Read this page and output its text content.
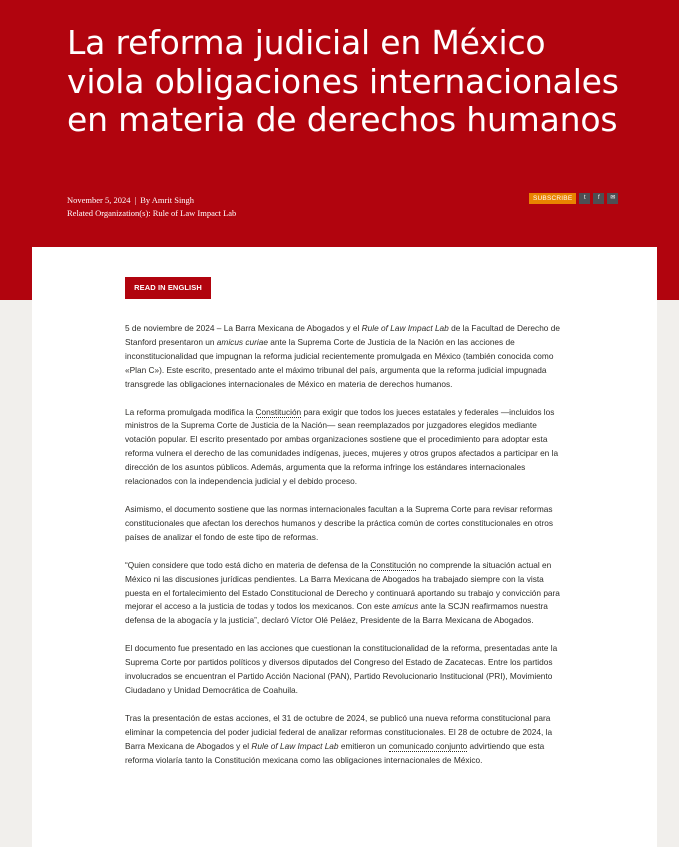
La reforma judicial en México viola obligaciones internacionales en materia de derechos humanos
November 5, 2024 | By Amrit Singh
Related Organization(s): Rule of Law Impact Lab
SUBSCRIBE	t	f	✉
READ IN ENGLISH

5 de noviembre de 2024 – La Barra Mexicana de Abogados y el Rule of Law Impact Lab de la Facultad de Derecho de Stanford presentaron un amicus curiae ante la Suprema Corte de Justicia de la Nación en las acciones de inconstitucionalidad que impugnan la reforma judicial recientemente promulgada en México (también conocida como «Plan C»). Este escrito, presentado ante el máximo tribunal del país, argumenta que la reforma judicial impugnada transgrede las obligaciones internacionales de México en materia de derechos humanos.

La reforma promulgada modifica la Constitución para exigir que todos los jueces estatales y federales —incluidos los ministros de la Suprema Corte de Justicia de la Nación— sean reemplazados por juzgadores elegidos mediante votación popular. El escrito presentado por ambas organizaciones sostiene que el procedimiento para adoptar esta reforma vulnera el derecho de las comunidades indígenas, jueces, mujeres y otros grupos afectados a participar en la dirección de los asuntos públicos. Además, argumenta que la reforma infringe los estándares internacionales relacionados con la independencia judicial y el debido proceso.

Asimismo, el documento sostiene que las normas internacionales facultan a la Suprema Corte para revisar reformas constitucionales que afectan los derechos humanos y describe la práctica común de cortes constitucionales en otros países de analizar el fondo de este tipo de reformas.

“Quien considere que todo está dicho en materia de defensa de la Constitución no comprende la situación actual en México ni las discusiones jurídicas pendientes. La Barra Mexicana de Abogados ha trabajado siempre con la vista puesta en el fortalecimiento del Estado Constitucional de Derecho y continuará aportando su trabajo y convicción para mejorar el acceso a la justicia de todas y todos los mexicanos. Con este amicus ante la SCJN reafirmamos nuestra defensa de la abogacía y la justicia”, declaró Víctor Olé Peláez, Presidente de la Barra Mexicana de Abogados.

El documento fue presentado en las acciones que cuestionan la constitucionalidad de la reforma, presentadas ante la Suprema Corte por partidos políticos y diversos diputados del Congreso del Estado de Zacatecas. Entre los partidos involucrados se encuentran el Partido Acción Nacional (PAN), Partido Revolucionario Institucional (PRI), Movimiento Ciudadano y Unidad Democrática de Coahuila.

Tras la presentación de estas acciones, el 31 de octubre de 2024, se publicó una nueva reforma constitucional para eliminar la competencia del poder judicial federal de analizar reformas constitucionales. El 28 de octubre de 2024, la Barra Mexicana de Abogados y el Rule of Law Impact Lab emitieron un comunicado conjunto advirtiendo que esta reforma violaría tanto la Constitución mexicana como las obligaciones internacionales de México.
